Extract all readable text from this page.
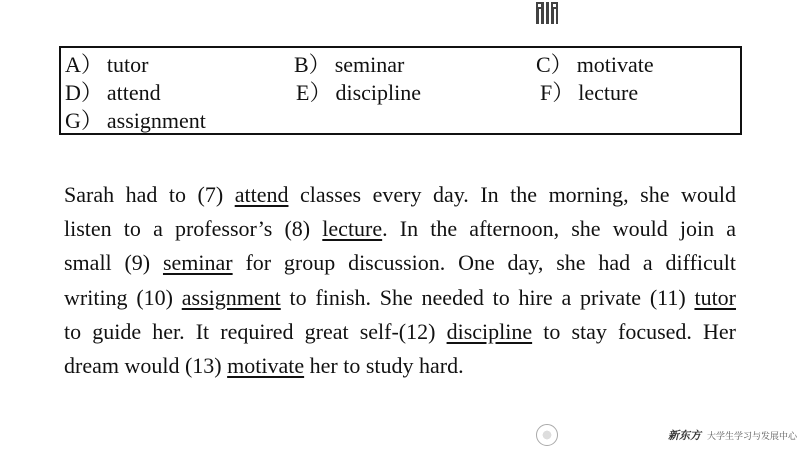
A） tutor	B） seminar	C） motivate
D） attend	E） discipline	F） lecture
G） assignment
Sarah had to (7) attend classes every day. In the morning, she would
listen to a professor’s (8) lecture. In the afternoon, she would join a
small (9) seminar for group discussion. One day, she had a difficult
writing (10) assignment to finish. She needed to hire a private (11) tutor
to guide her. It required great self-(12) discipline to stay focused. Her
dream would (13) motivate her to study hard.
新东方 大学生学习与发展中心
